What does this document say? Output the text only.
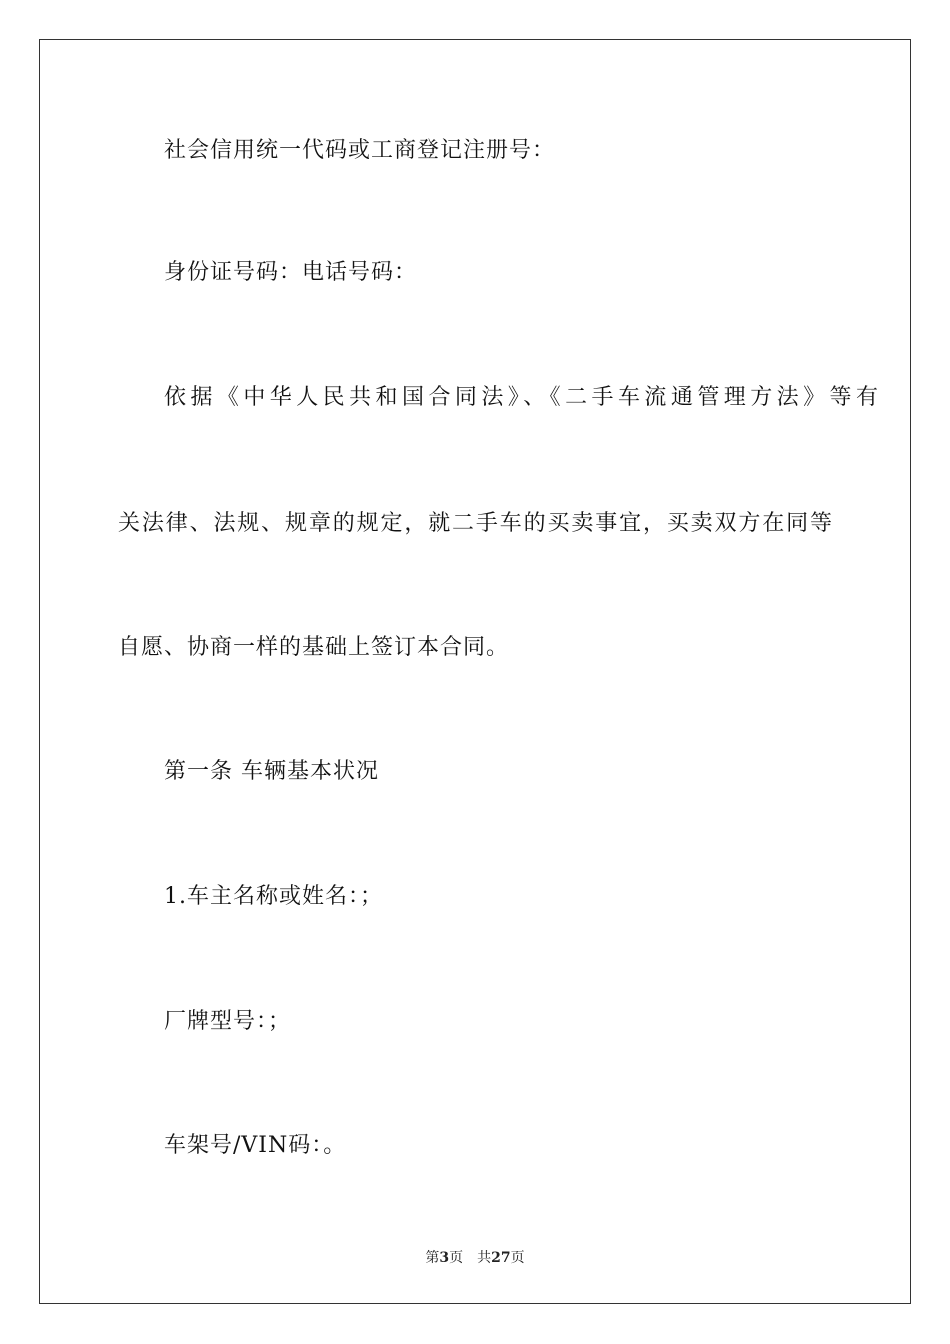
社会信用统一代码或工商登记注册号：
身份证号码：电话号码：
依据《中华人民共和国合同法》、《二手车流通管理方法》等有
关法律、法规、规章的规定，就二手车的买卖事宜，买卖双方在同等
自愿、协商一样的基础上签订本合同。
第一条 车辆基本状况
1.车主名称或姓名：；
厂牌型号：；
车架号/VIN码：。
第3页 共27页
